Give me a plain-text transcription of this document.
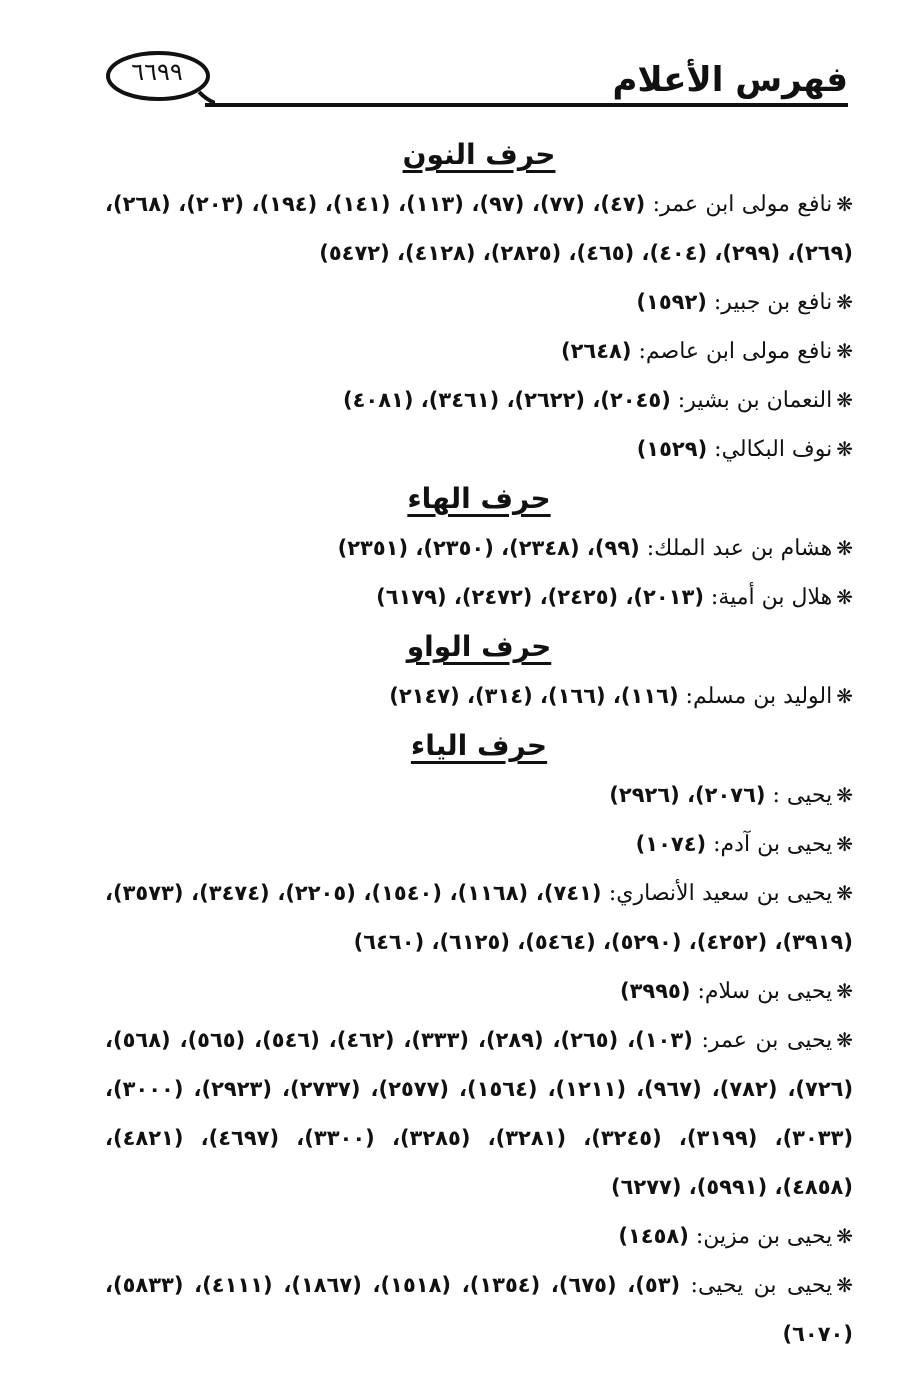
٦٦٩٩	فهرس الأعلام
حرف النون

❋نافع مولى ابن عمر: (٤٧)، (٧٧)، (٩٧)، (١١٣)، (١٤١)، (١٩٤)، (٢٠٣)، (٢٦٨)، (٢٦٩)، (٢٩٩)، (٤٠٤)، (٤٦٥)، (٢٨٢٥)، (٤١٢٨)، (٥٤٧٢)

❋نافع بن جبير: (١٥٩٢)

❋نافع مولى ابن عاصم: (٢٦٤٨)

❋النعمان بن بشير: (٢٠٤٥)، (٢٦٢٢)، (٣٤٦١)، (٤٠٨١)

❋نوف البكالي: (١٥٢٩)

حرف الهاء

❋هشام بن عبد الملك: (٩٩)، (٢٣٤٨)، (٢٣٥٠)، (٢٣٥١)

❋هلال بن أمية: (٢٠١٣)، (٢٤٢٥)، (٢٤٧٢)، (٦١٧٩)

حرف الواو

❋الوليد بن مسلم: (١١٦)، (١٦٦)، (٣١٤)، (٢١٤٧)

حرف الياء

❋يحيى : (٢٠٧٦)، (٢٩٢٦)

❋يحيى بن آدم: (١٠٧٤)

❋يحيى بن سعيد الأنصاري: (٧٤١)، (١١٦٨)، (١٥٤٠)، (٢٢٠٥)، (٣٤٧٤)، (٣٥٧٣)، (٣٩١٩)، (٤٢٥٢)، (٥٢٩٠)، (٥٤٦٤)، (٦١٢٥)، (٦٤٦٠)

❋يحيى بن سلام: (٣٩٩٥)

❋يحيى بن عمر: (١٠٣)، (٢٦٥)، (٢٨٩)، (٣٣٣)، (٤٦٢)، (٥٤٦)، (٥٦٥)، (٥٦٨)، (٧٢٦)، (٧٨٢)، (٩٦٧)، (١٢١١)، (١٥٦٤)، (٢٥٧٧)، (٢٧٣٧)، (٢٩٢٣)، (٣٠٠٠)، (٣٠٣٣)، (٣١٩٩)، (٣٢٤٥)، (٣٢٨١)، (٣٢٨٥)، (٣٣٠٠)، (٤٦٩٧)، (٤٨٢١)، (٤٨٥٨)، (٥٩٩١)، (٦٢٧٧)

❋يحيى بن مزين: (١٤٥٨)

❋يحيى بن يحيى: (٥٣)، (٦٧٥)، (١٣٥٤)، (١٥١٨)، (١٨٦٧)، (٤١١١)، (٥٨٣٣)، (٦٠٧٠)
